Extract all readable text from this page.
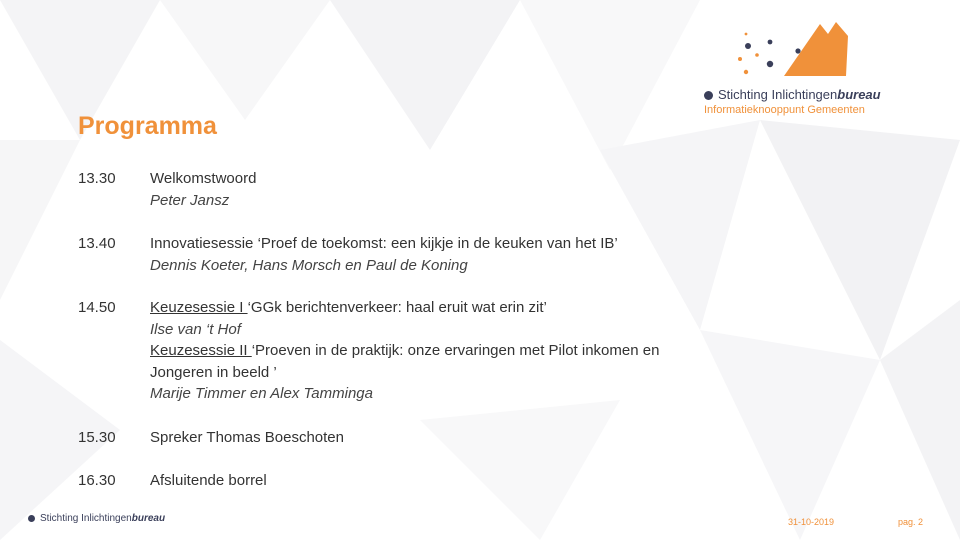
Stichting Inlichtingenbureau
Informatieknooppunt Gemeenten
Programma
13.30	Welkomstwoord
Peter Jansz
13.40	Innovatiesessie ‘Proef de toekomst: een kijkje in de keuken van het IB’
Dennis Koeter, Hans Morsch en Paul de Koning
14.50	Keuzesessie I ‘GGk berichtenverkeer: haal eruit wat erin zit’
Ilse van ‘t Hof
Keuzesessie II ‘Proeven in de praktijk: onze ervaringen met Pilot inkomen en Jongeren in beeld ’
Marije Timmer en Alex Tamminga
15.30	Spreker Thomas Boeschoten
16.30	Afsluitende borrel
Stichting Inlichtingenbureau	31-10-2019	pag. 2
